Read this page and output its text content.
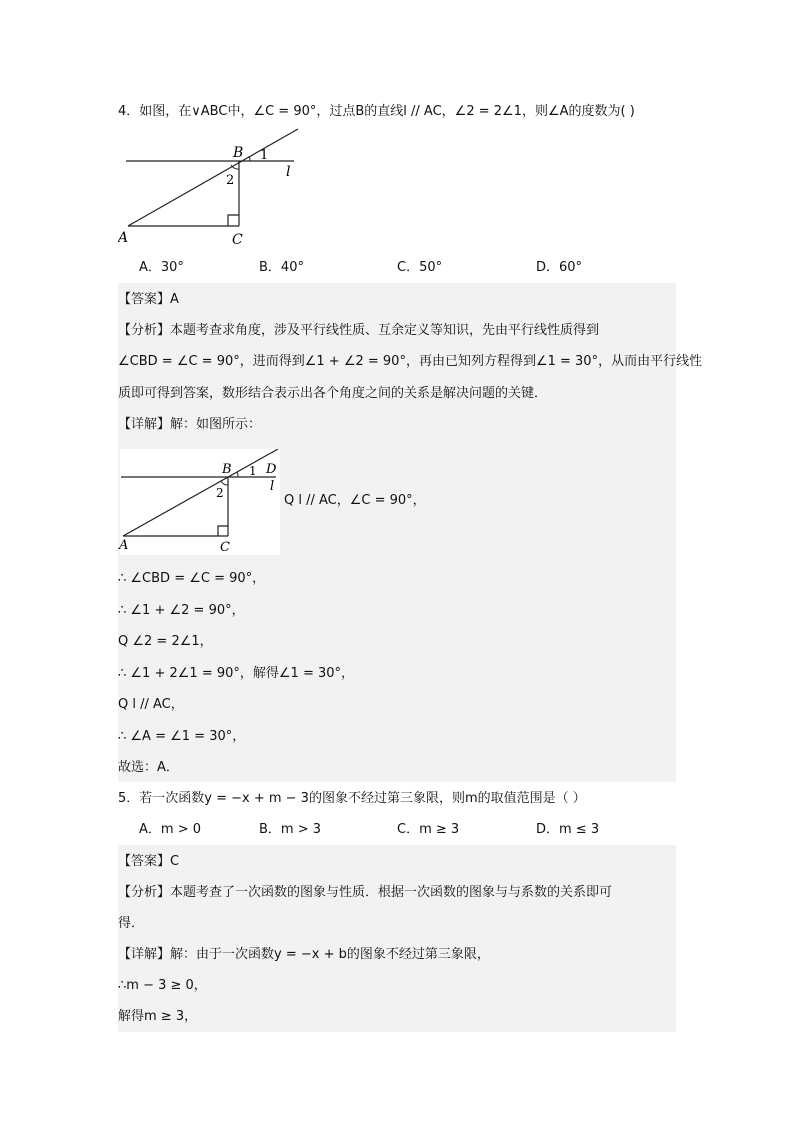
4．如图，在∨ABC中，∠C = 90°，过点B的直线l // AC，∠2 = 2∠1，则∠A的度数为( )
B 1
2
l
A	C
A．30°	B．40°	C．50°	D．60°
【答案】A
【分析】本题考查求角度，涉及平行线性质、互余定义等知识，先由平行线性质得到
∠CBD = ∠C = 90°，进而得到∠1 + ∠2 = 90°，再由已知列方程得到∠1 = 30°，从而由平行线性
质即可得到答案，数形结合表示出各个角度之间的关系是解决问题的关键．
【详解】解：如图所示：
B 1 D
2	l
A	C
Q l // AC，∠C = 90°，
∴ ∠CBD = ∠C = 90°，
∴ ∠1 + ∠2 = 90°，
Q ∠2 = 2∠1，
∴ ∠1 + 2∠1 = 90°，解得∠1 = 30°，
Q l // AC，
∴ ∠A = ∠1 = 30°，
故选：A．
5．若一次函数y = −x + m − 3的图象不经过第三象限，则m的取值范围是（ ）
A．m > 0	B．m > 3	C．m ≥ 3	D．m ≤ 3
【答案】C
【分析】本题考查了一次函数的图象与性质．根据一次函数的图象与与系数的关系即可
得．
【详解】解：由于一次函数y = −x + b的图象不经过第三象限，
∴m − 3 ≥ 0，
解得m ≥ 3，
